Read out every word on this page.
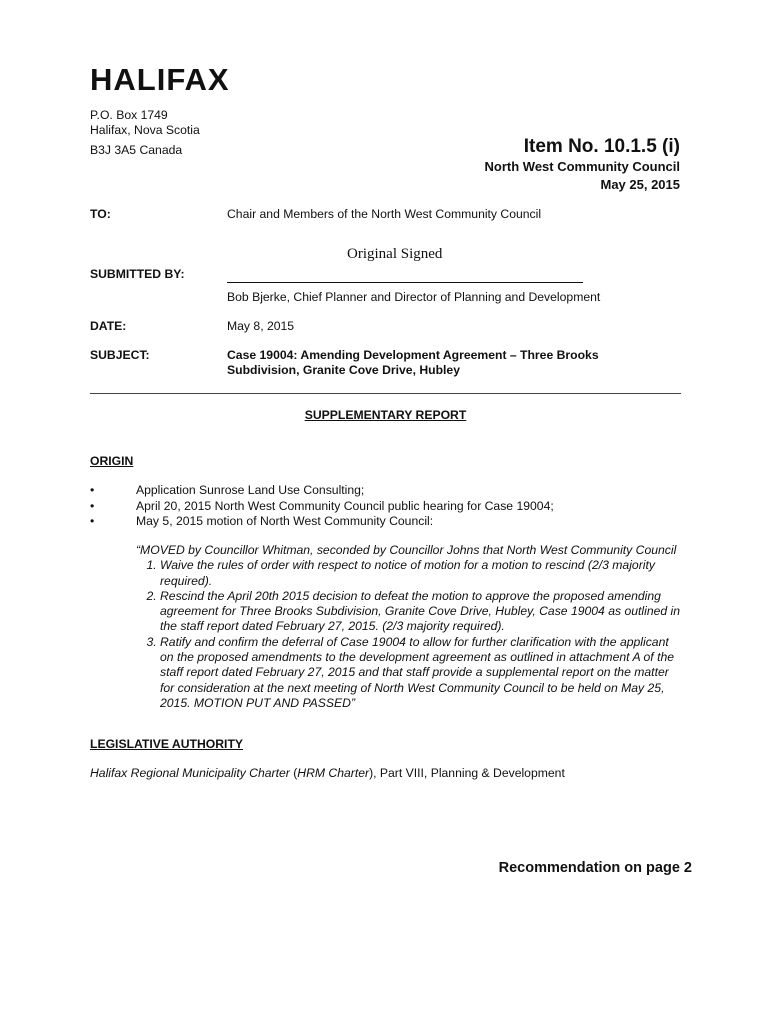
HALIFAX
P.O. Box 1749
Halifax, Nova Scotia
B3J 3A5 Canada	Item No. 10.1.5 (i)
North West Community Council
May 25, 2015
TO:	Chair and Members of the North West Community Council
Original Signed
SUBMITTED BY:
Bob Bjerke, Chief Planner and Director of Planning and Development
DATE:	May 8, 2015
SUBJECT:	Case 19004: Amending Development Agreement – Three Brooks
Subdivision, Granite Cove Drive, Hubley
SUPPLEMENTARY REPORT
ORIGIN
•	Application Sunrose Land Use Consulting;
•	April 20, 2015 North West Community Council public hearing for Case 19004;
•	May 5, 2015 motion of North West Community Council:
“MOVED by Councillor Whitman, seconded by Councillor Johns that North West Community Council
1. Waive the rules of order with respect to notice of motion for a motion to rescind (2/3 majority required).
2. Rescind the April 20th 2015 decision to defeat the motion to approve the proposed amending agreement for Three Brooks Subdivision, Granite Cove Drive, Hubley, Case 19004 as outlined in the staff report dated February 27, 2015. (2/3 majority required).
3. Ratify and confirm the deferral of Case 19004 to allow for further clarification with the applicant on the proposed amendments to the development agreement as outlined in attachment A of the staff report dated February 27, 2015 and that staff provide a supplemental report on the matter for consideration at the next meeting of North West Community Council to be held on May 25, 2015. MOTION PUT AND PASSED”
LEGISLATIVE AUTHORITY
Halifax Regional Municipality Charter (HRM Charter), Part VIII, Planning & Development
Recommendation on page 2
